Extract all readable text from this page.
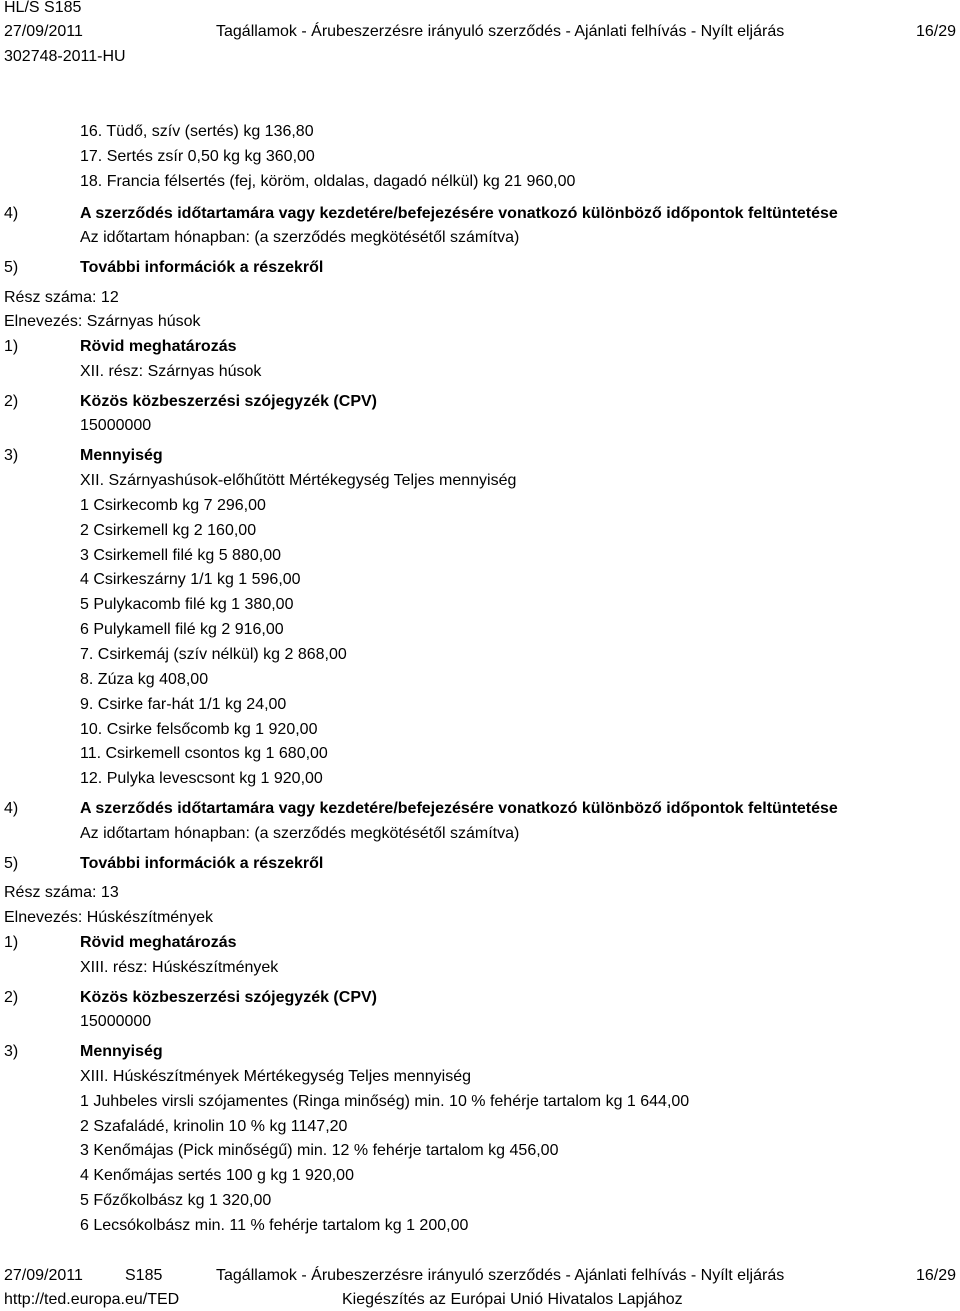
HL/S S185
27/09/2011	Tagállamok - Árubeszerzésre irányuló szerződés - Ajánlati felhívás - Nyílt eljárás	16/29
302748-2011-HU
16. Tüdő, szív (sertés) kg 136,80
17. Sertés zsír 0,50 kg kg 360,00
18. Francia félsertés (fej, köröm, oldalas, dagadó nélkül) kg 21 960,00
4)	A szerződés időtartamára vagy kezdetére/befejezésére vonatkozó különböző időpontok feltüntetése
Az időtartam hónapban: (a szerződés megkötésétől számítva)
5)	További információk a részekről
Rész száma: 12
Elnevezés: Szárnyas húsok
1)	Rövid meghatározás
XII. rész: Szárnyas húsok
2)	Közös közbeszerzési szójegyzék (CPV)
15000000
3)	Mennyiség
XII. Szárnyashúsok-előhűtött Mértékegység Teljes mennyiség
1 Csirkecomb kg 7 296,00
2 Csirkemell kg 2 160,00
3 Csirkemell filé kg 5 880,00
4 Csirkeszárny 1/1 kg 1 596,00
5 Pulykacomb filé kg 1 380,00
6 Pulykamell filé kg 2 916,00
7. Csirkemáj (szív nélkül) kg 2 868,00
8. Zúza kg 408,00
9. Csirke far-hát 1/1 kg 24,00
10. Csirke felsőcomb kg 1 920,00
11. Csirkemell csontos kg 1 680,00
12. Pulyka levescsont kg 1 920,00
4)	A szerződés időtartamára vagy kezdetére/befejezésére vonatkozó különböző időpontok feltüntetése
Az időtartam hónapban: (a szerződés megkötésétől számítva)
5)	További információk a részekről
Rész száma: 13
Elnevezés: Húskészítmények
1)	Rövid meghatározás
XIII. rész: Húskészítmények
2)	Közös közbeszerzési szójegyzék (CPV)
15000000
3)	Mennyiség
XIII. Húskészítmények Mértékegység Teljes mennyiség
1 Juhbeles virsli szójamentes (Ringa minőség) min. 10 % fehérje tartalom kg 1 644,00
2 Szafaládé, krinolin 10 % kg 1147,20
3 Kenőmájas (Pick minőségű) min. 12 % fehérje tartalom kg 456,00
4 Kenőmájas sertés 100 g kg 1 920,00
5 Főzőkolbász kg 1 320,00
6 Lecsókolbász min. 11 % fehérje tartalom kg 1 200,00
27/09/2011	S185	Tagállamok - Árubeszerzésre irányuló szerződés - Ajánlati felhívás - Nyílt eljárás	16/29
http://ted.europa.eu/TED	Kiegészítés az Európai Unió Hivatalos Lapjához
